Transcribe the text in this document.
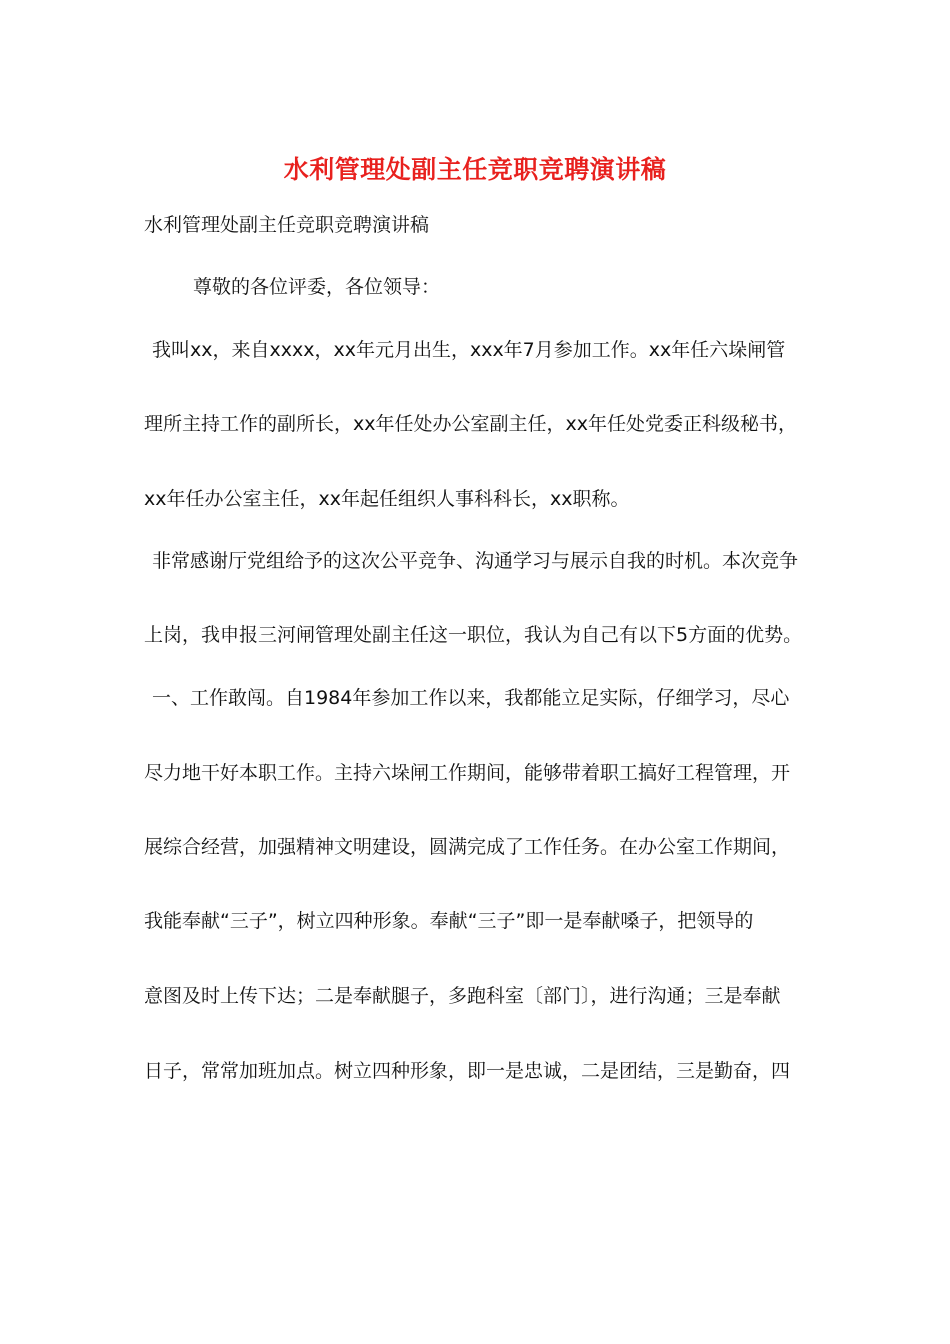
水利管理处副主任竞职竞聘演讲稿
水利管理处副主任竞职竞聘演讲稿
尊敬的各位评委，各位领导：
我叫xx，来自xxxx，xx年元月出生，xxx年7月参加工作。xx年任六垛闸管
理所主持工作的副所长，xx年任处办公室副主任，xx年任处党委正科级秘书，
xx年任办公室主任，xx年起任组织人事科科长，xx职称。
非常感谢厅党组给予的这次公平竞争、沟通学习与展示自我的时机。本次竞争
上岗，我申报三河闸管理处副主任这一职位，我认为自己有以下5方面的优势。
一、工作敢闯。自1984年参加工作以来，我都能立足实际，仔细学习，尽心
尽力地干好本职工作。主持六垛闸工作期间，能够带着职工搞好工程管理，开
展综合经营，加强精神文明建设，圆满完成了工作任务。在办公室工作期间，
我能奉献“三子”，树立四种形象。奉献“三子”即一是奉献嗓子，把领导的
意图及时上传下达；二是奉献腿子，多跑科室〔部门〕，进行沟通；三是奉献
日子，常常加班加点。树立四种形象，即一是忠诚，二是团结，三是勤奋，四
